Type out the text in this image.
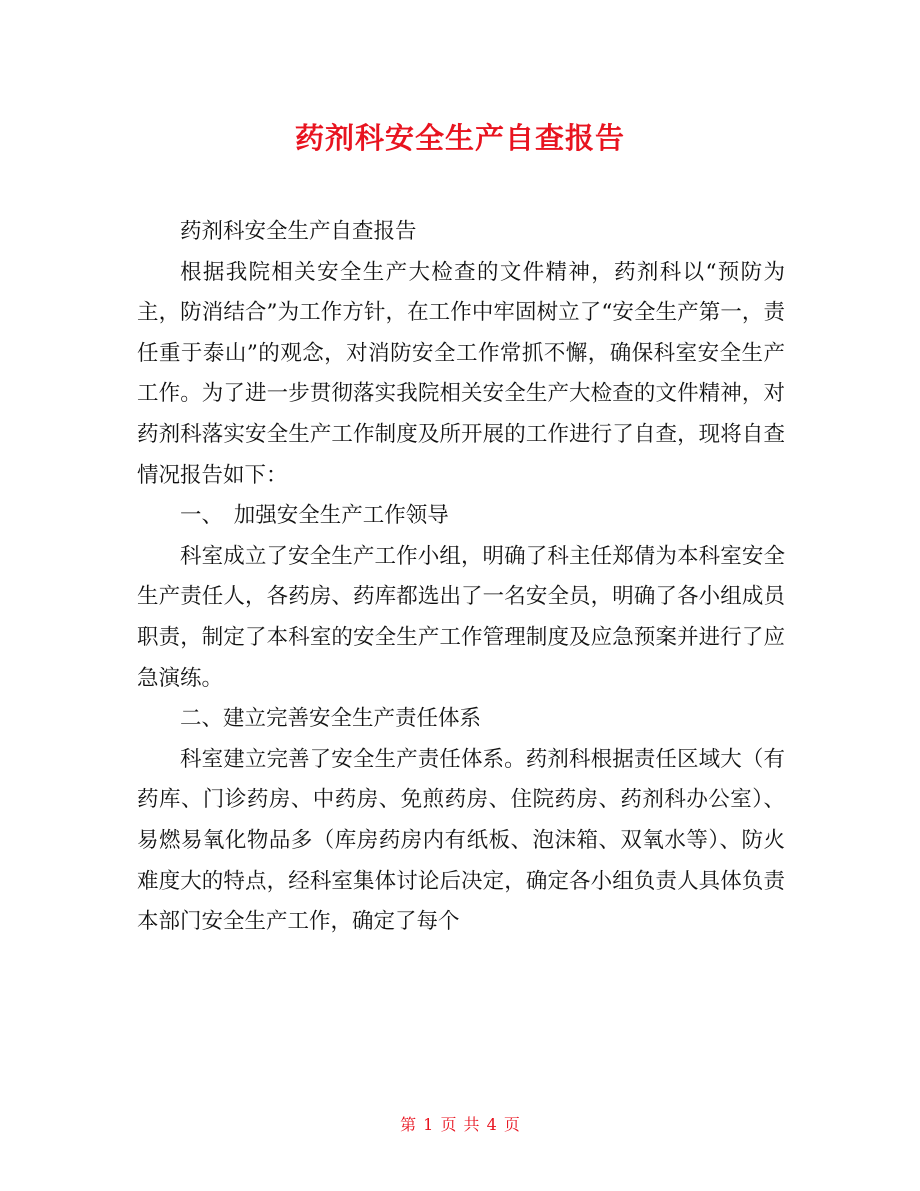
药剂科安全生产自查报告

药剂科安全生产自查报告

根据我院相关安全生产大检查的文件精神，药剂科以“预防为主，防消结合”为工作方针，在工作中牢固树立了“安全生产第一，责任重于泰山”的观念，对消防安全工作常抓不懈，确保科室安全生产工作。为了进一步贯彻落实我院相关安全生产大检查的文件精神，对药剂科落实安全生产工作制度及所开展的工作进行了自查，现将自查情况报告如下：

一、　加强安全生产工作领导

科室成立了安全生产工作小组，明确了科主任郑倩为本科室安全生产责任人，各药房、药库都选出了一名安全员，明确了各小组成员职责，制定了本科室的安全生产工作管理制度及应急预案并进行了应急演练。

二、建立完善安全生产责任体系

科室建立完善了安全生产责任体系。药剂科根据责任区域大（有药库、门诊药房、中药房、免煎药房、住院药房、药剂科办公室）、易燃易氧化物品多（库房药房内有纸板、泡沫箱、双氧水等）、防火难度大的特点，经科室集体讨论后决定，确定各小组负责人具体负责本部门安全生产工作，确定了每个

第 1 页 共 4 页
